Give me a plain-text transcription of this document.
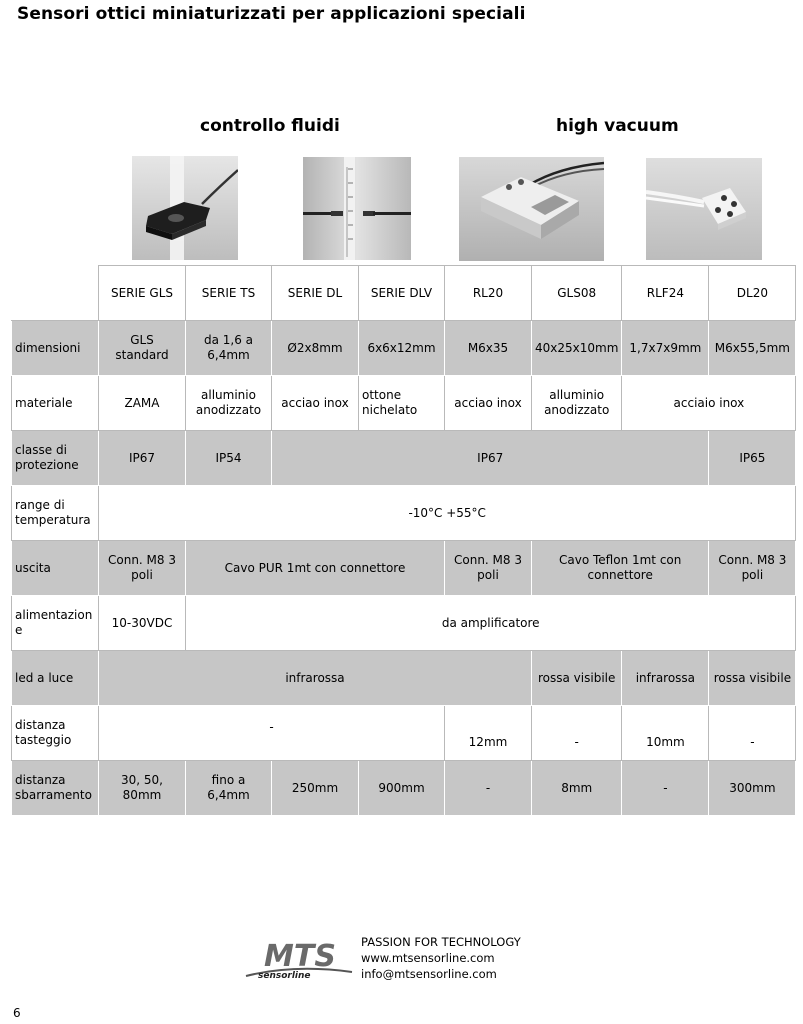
Sensori ottici miniaturizzati per applicazioni speciali
controllo fluidi	high vacuum
	SERIE GLS	SERIE TS	SERIE DL	SERIE DLV	RL20	GLS08	RLF24	DL20
dimensioni	GLS standard	da 1,6 a 6,4mm	Ø2x8mm	6x6x12mm	M6x35	40x25x10mm	1,7x7x9mm	M6x55,5mm
materiale	ZAMA	alluminio anodizzato	acciao inox	ottone nichelato	acciao inox	alluminio anodizzato	acciaio inox	
classe di protezione	IP67	IP54	IP67					IP65
range di temperatura	-10°C +55°C							
uscita	Conn. M8 3 poli	Cavo PUR 1mt con connettore			Conn. M8 3 poli	Cavo Teflon 1mt con connettore		Conn. M8 3 poli
alimentazion e	10-30VDC	da amplificatore						
led a luce	infrarossa					rossa visibile	infrarossa	rossa visibile
distanza tasteggio	-				12mm	-	10mm	-
distanza sbarramento	30, 50, 80mm	fino a 6,4mm	250mm	900mm	-	8mm	-	300mm
MTS
sensorline
PASSION FOR TECHNOLOGY
www.mtsensorline.com
info@mtsensorline.com
6
